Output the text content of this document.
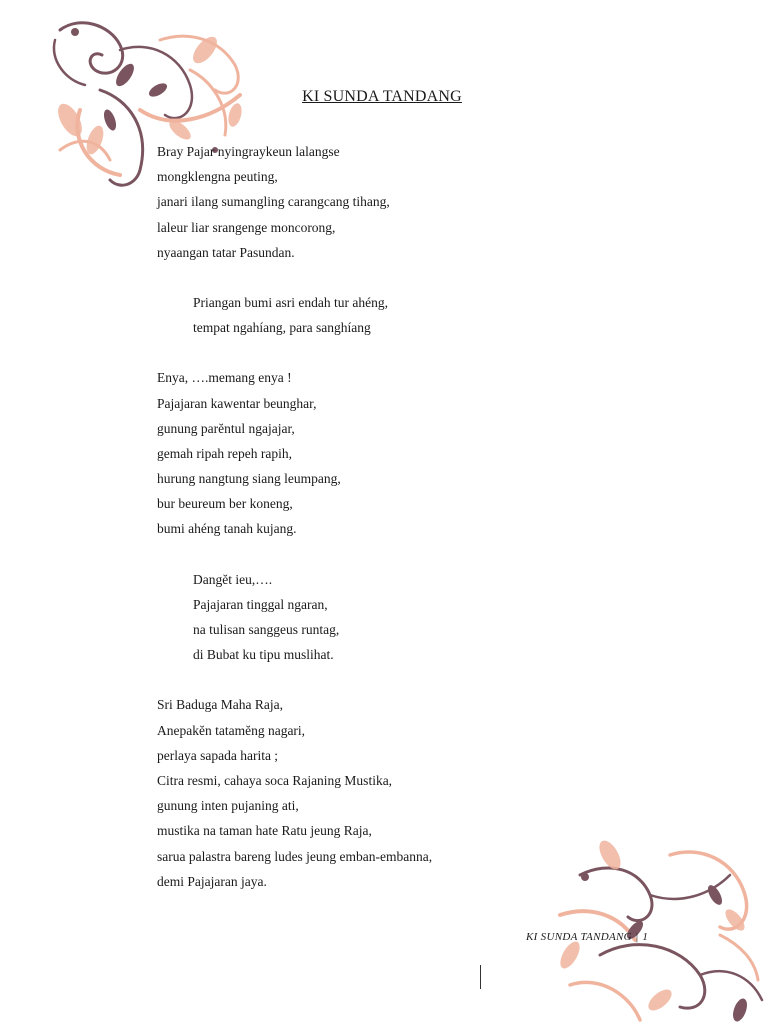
KI SUNDA TANDANG
Bray Pajar nyingraykeun lalangse
mongklengna peuting,
janari ilang sumangling carangcang tihang,
laleur liar srangenge moncorong,
nyaangan tatar Pasundan.
Priangan bumi asri endah tur ahéng,
tempat ngahíang, para sanghíang
Enya, ….memang enya !
Pajajaran kawentar beunghar,
gunung parĕntul ngajajar,
gemah ripah repeh rapih,
hurung nangtung siang leumpang,
bur beureum ber koneng,
bumi ahéng tanah kujang.
Dangĕt ieu,….
Pajajaran tinggal ngaran,
na tulisan sanggeus runtag,
di Bubat ku tipu muslihat.
Sri Baduga Maha Raja,
Anepakĕn tatamĕng nagari,
perlaya sapada harita ;
Citra resmi, cahaya soca Rajaning Mustika,
gunung inten pujaning ati,
mustika na taman hate Ratu jeung Raja,
sarua palastra bareng ludes jeung emban-embanna,
demi Pajajaran jaya.
KI SUNDA TANDANG | 1
